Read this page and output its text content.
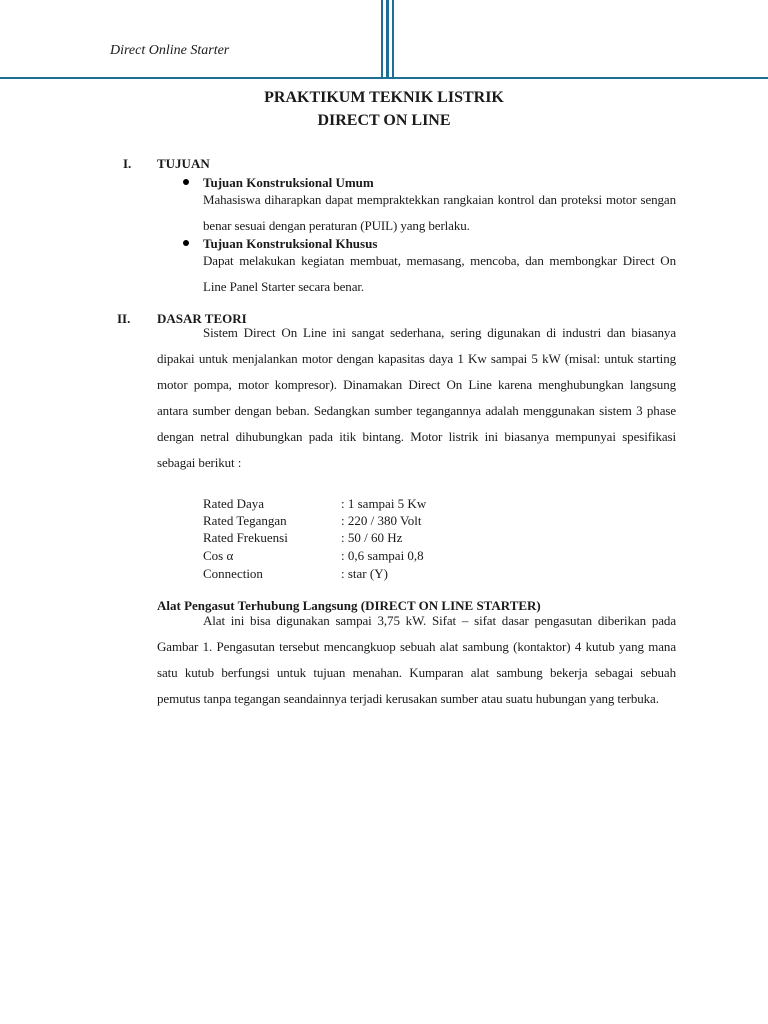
Direct Online Starter
PRAKTIKUM TEKNIK LISTRIK
DIRECT ON LINE
I. TUJUAN
Tujuan Konstruksional Umum
Mahasiswa diharapkan dapat mempraktekkan rangkaian kontrol dan proteksi motor sengan benar sesuai dengan peraturan (PUIL) yang berlaku.
Tujuan Konstruksional Khusus
Dapat melakukan kegiatan membuat, memasang, mencoba, dan membongkar Direct On Line Panel Starter secara benar.
II. DASAR TEORI
Sistem Direct On Line ini sangat sederhana, sering digunakan di industri dan biasanya dipakai untuk menjalankan motor dengan kapasitas daya 1 Kw sampai 5 kW (misal: untuk starting motor pompa, motor kompresor). Dinamakan Direct On Line karena menghubungkan langsung antara sumber dengan beban. Sedangkan sumber tegangannya adalah menggunakan sistem 3 phase dengan netral dihubungkan pada itik bintang. Motor listrik ini biasanya mempunyai spesifikasi sebagai berikut :
Rated Daya	: 1 sampai 5 Kw
Rated Tegangan	: 220 / 380 Volt
Rated Frekuensi	: 50 / 60 Hz
Cos α	: 0,6 sampai 0,8
Connection	: star (Y)
Alat Pengasut Terhubung Langsung (DIRECT ON LINE STARTER)
Alat ini bisa digunakan sampai 3,75 kW. Sifat – sifat dasar pengasutan diberikan pada Gambar 1. Pengasutan tersebut mencangkuop sebuah alat sambung (kontaktor) 4 kutub yang mana satu kutub berfungsi untuk tujuan menahan. Kumparan alat sambung bekerja sebagai sebuah pemutus tanpa tegangan seandainnya terjadi kerusakan sumber atau suatu hubungan yang terbuka.
